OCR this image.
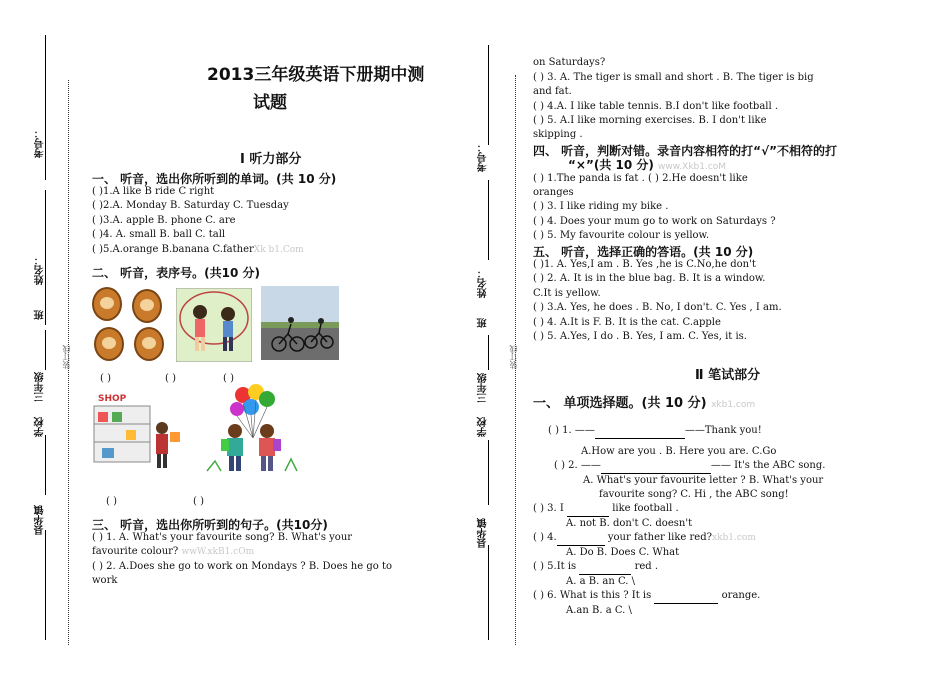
考号：
姓名：
班
三年级
学校
县华镇
装订线
2013三年级英语下册期中测
试题
Ⅰ 听力部分
一、 听音，选出你所听到的单词。(共 10 分)
( )1.A like B ride C right
( )2.A. Monday B. Saturday C. Tuesday
( )3.A. apple B. phone C. are
( )4. A. small B. ball C. tall
( )5.A.orange B.banana C.fatherXk b1.Com
二、 听音，表序号。(共10 分)
( )	( )	( )
SHOP
( )	( )
三、 听音，选出你所听到的句子。(共10分)
( ) 1. A. What's your favourite song? B. What's your
favourite colour? wwW.xkB1.cOm
( ) 2. A.Does she go to work on Mondays ? B. Does he go to
work
考号：
姓名：
班
三年级
学校
县华镇
装订线
on Saturdays?
( ) 3. A. The tiger is small and short . B. The tiger is big
and fat.
( ) 4.A. I like table tennis. B.I don't like football .
( ) 5. A.I like morning exercises. B. I don't like
skipping .
四、 听音，判断对错。录音内容相符的打“√”不相符的打
“×”(共 10 分) www.Xkb1.coM
( ) 1.The panda is fat . ( ) 2.He doesn't like
oranges
( ) 3. I like riding my bike .
( ) 4. Does your mum go to work on Saturdays ?
( ) 5. My favourite colour is yellow.
五、 听音，选择正确的答语。(共 10 分)
( )1. A. Yes,I am . B. Yes ,he is C.No,he don't
( ) 2. A. It is in the blue bag. B. It is a window.
C.It is yellow.
( ) 3.A. Yes, he does . B. No, I don't. C. Yes , I am.
( ) 4. A.It is F. B. It is the cat. C.apple
( ) 5. A.Yes, I do . B. Yes, I am. C. Yes, it is.
Ⅱ 笔试部分
一、 单项选择题。(共 10 分) xkb1.com
( ) 1. ——	——Thank you!
A.How are you . B. Here you are. C.Go
( ) 2. ——	—— It's the ABC song.
A. What's your favourite letter ? B. What's your
favourite song? C. Hi , the ABC song!
( ) 3. I	like football .
A. not B. don't C. doesn't
( ) 4.	your father like red?xkb1.com
A. Do B. Does C. What
( ) 5.It is	red .
A. a B. an C. \
( ) 6. What is this ? It is	orange.
A.an B. a C. \
